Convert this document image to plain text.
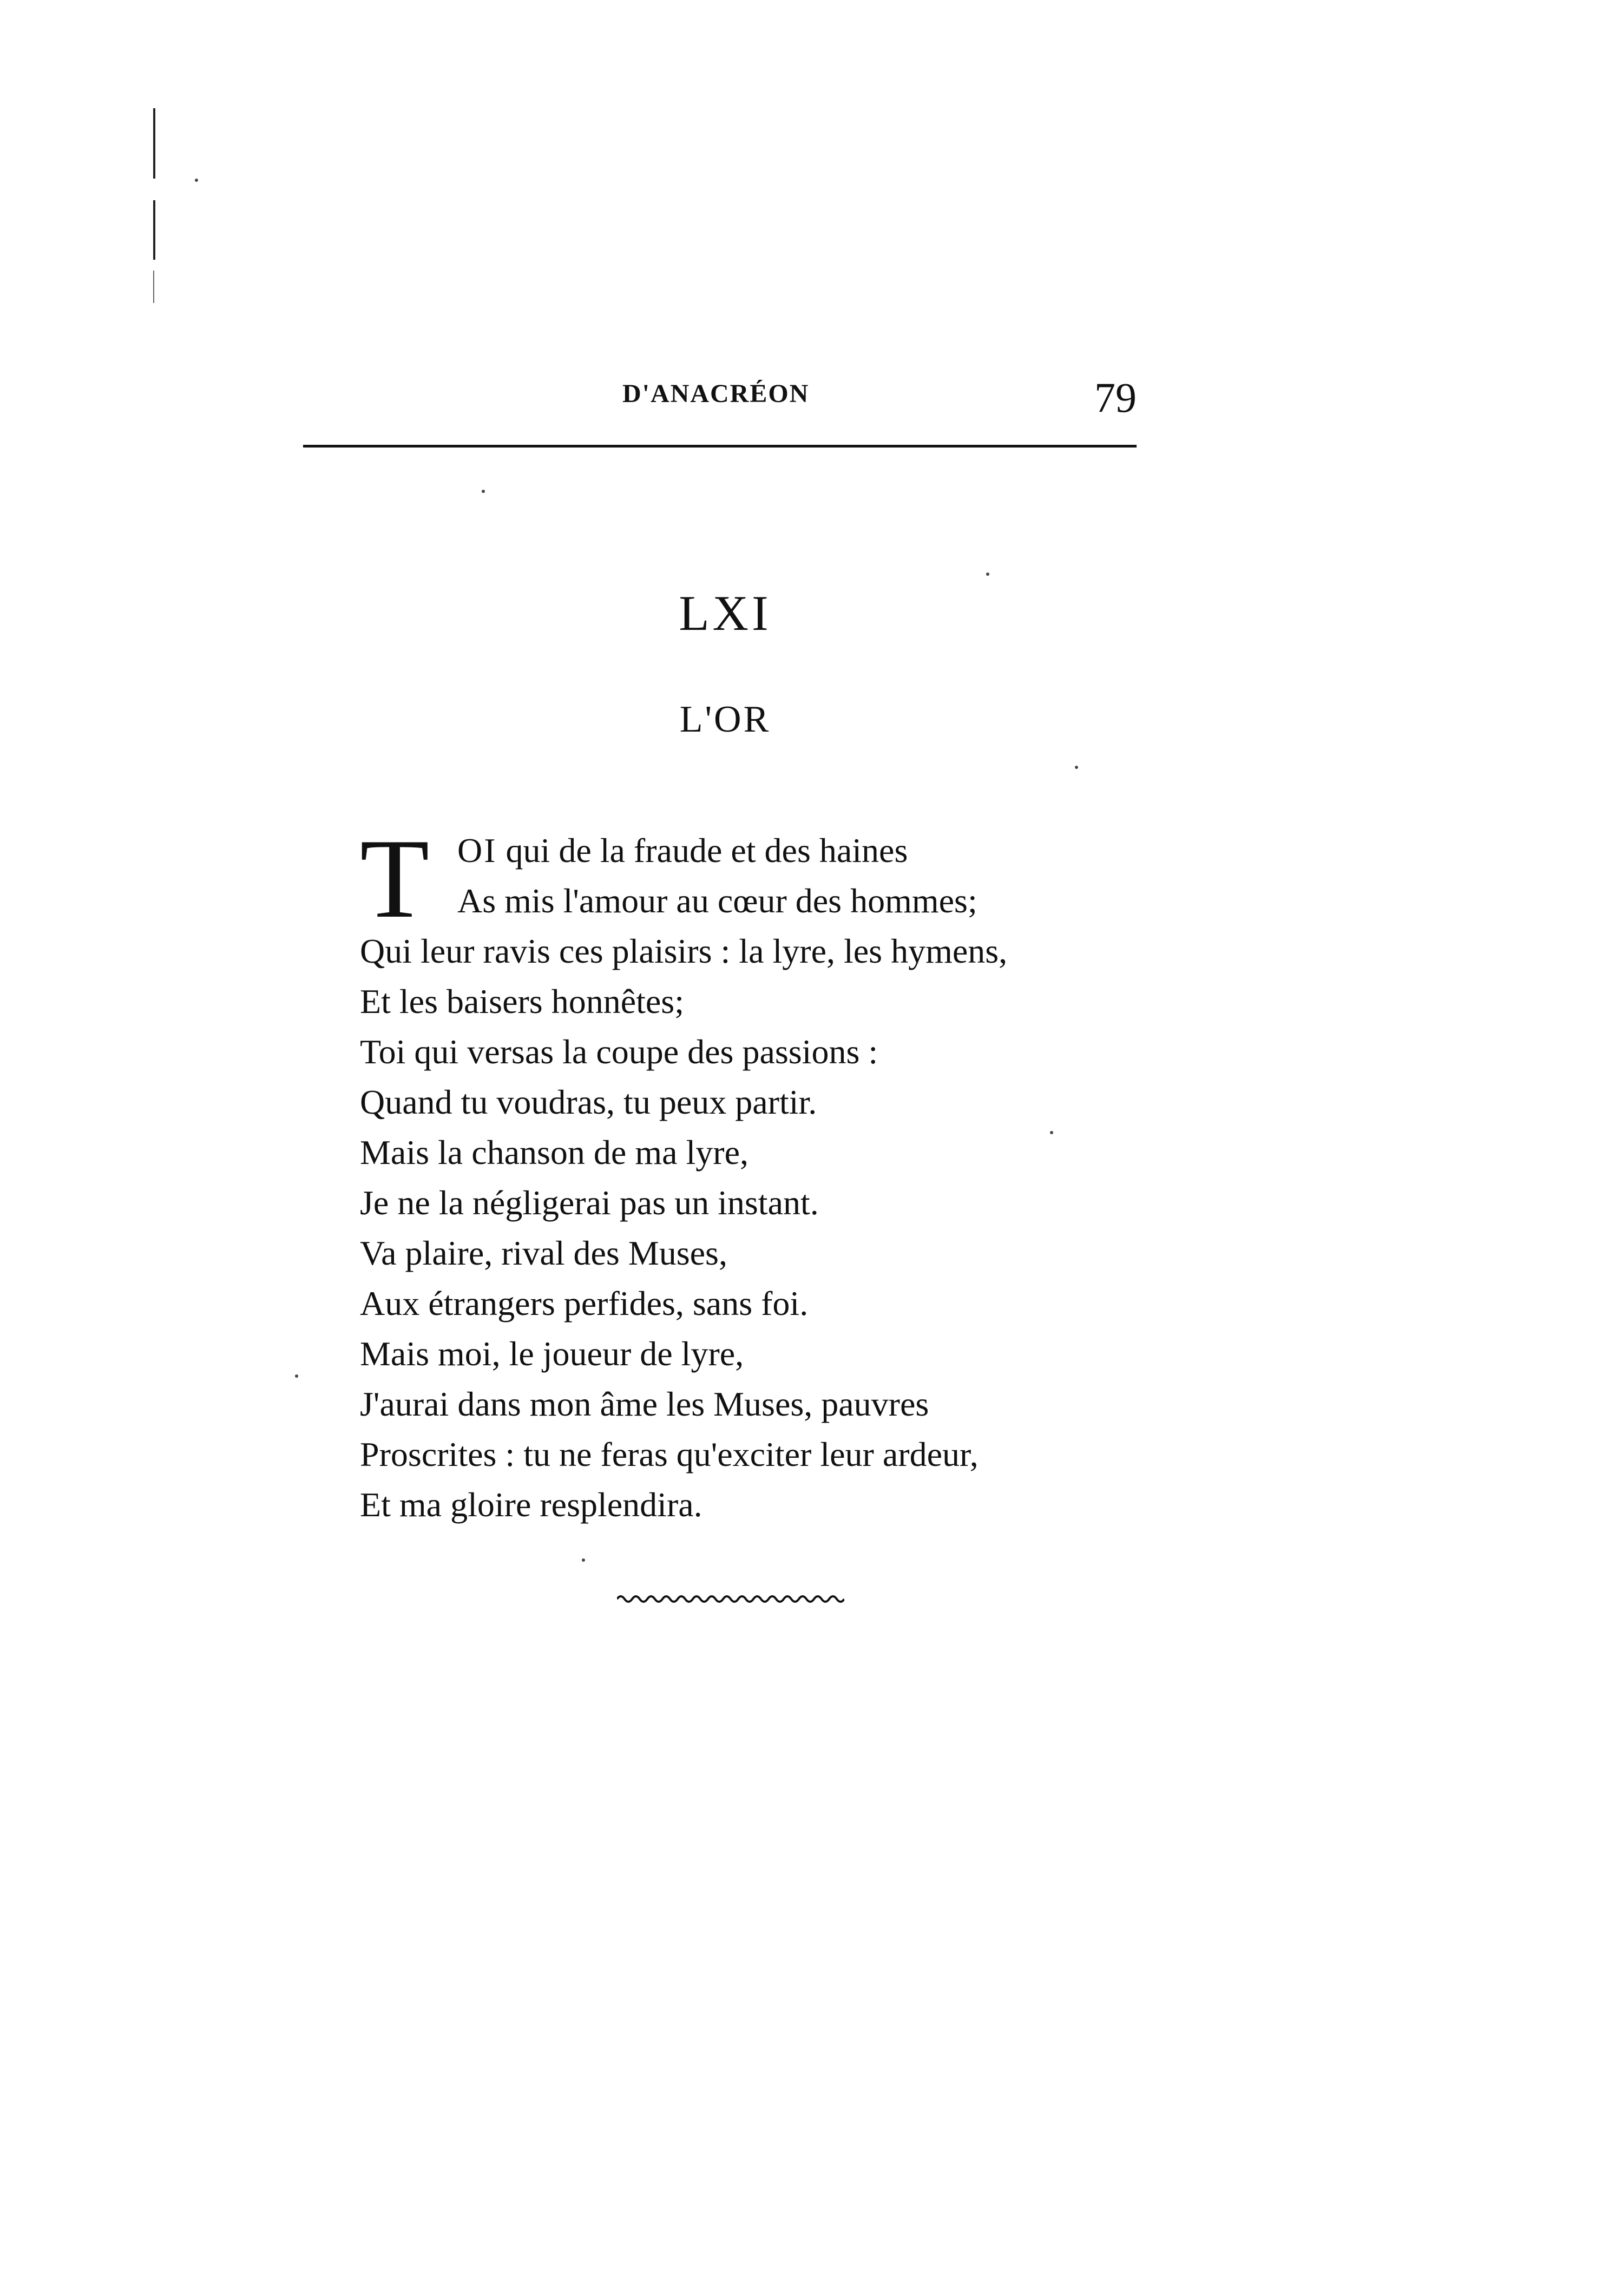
D'ANACRÉON	79
LXI
L'OR
T OI qui de la fraude et des haines
As mis l'amour au cœur des hommes;
Qui leur ravis ces plaisirs : la lyre, les hymens,
Et les baisers honnêtes;
Toi qui versas la coupe des passions :
Quand tu voudras, tu peux partir.
Mais la chanson de ma lyre,
Je ne la négligerai pas un instant.
Va plaire, rival des Muses,
Aux étrangers perfides, sans foi.
Mais moi, le joueur de lyre,
J'aurai dans mon âme les Muses, pauvres
Proscrites : tu ne feras qu'exciter leur ardeur,
Et ma gloire resplendira.
